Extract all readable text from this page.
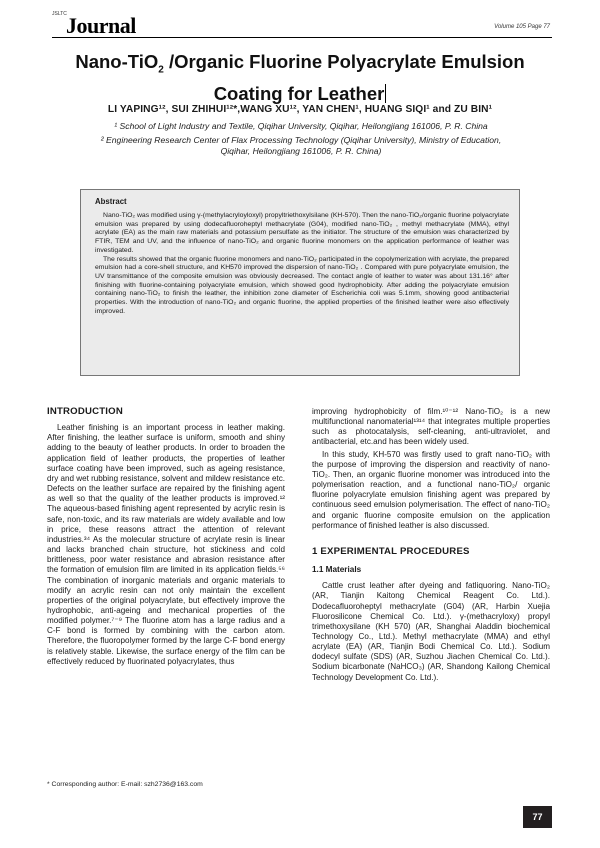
JSLTC Journal	Volume 105 Page 77
Nano-TiO$_2$ /Organic Fluorine Polyacrylate Emulsion
Coating for Leather
LI YAPING¹², SUI ZHIHUI¹²*,WANG XU¹², YAN CHEN¹, HUANG SIQI¹ and ZU BIN¹
¹ School of Light Industry and Textile, Qiqihar University, Qiqihar, Heilongjiang 161006, P. R. China
² Engineering Research Center of Flax Processing Technology (Qiqihar University), Ministry of Education,
Qiqihar, Heilongjiang 161006, P. R. China)
Abstract

Nano-TiO₂ was modified using γ-(methylacryloyloxyl) propyltriethoxylsilane (KH-570). Then the nano-TiO₂/organic fluorine polyacrylate emulsion was prepared by using dodecafluoroheptyl methacrylate (G04), modified nano-TiO₂ , methyl methacrylate (MMA), ethyl acrylate (EA) as the main raw materials and potassium persulfate as the initiator. The structure of the emulsion was characterized by FTIR, TEM and UV, and the influence of nano-TiO₂ and organic fluorine monomers on the application performance of leather was investigated.

The results showed that the organic fluorine monomers and nano-TiO₂ participated in the copolymerization with acrylate, the prepared emulsion had a core-shell structure, and KH570 improved the dispersion of nano-TiO₂ . Compared with pure polyacrylate emulsion, the UV transmittance of the composite emulsion was obviously decreased. The contact angle of leather to water was about 131.16° after finishing with fluorine-containing polyacrylate emulsion, which showed good hydrophobicity. After adding the polyacrylate emulsion containing nano-TiO₂ to finish the leather, the inhibition zone diameter of Escherichia coli was 5.1mm, showing good antibacterial properties. With the introduction of nano-TiO₂ and organic fluorine, the applied properties of the finished leather were also effectively improved.

INTRODUCTION

Leather finishing is an important process in leather making. After finishing, the leather surface is uniform, smooth and shiny adding to the beauty of leather products. In order to broaden the application field of leather products, the properties of leather surface coating have been improved, such as ageing resistance, dry and wet rubbing resistance, solvent and mildew resistance etc. Defects on the leather surface are repaired by the finishing agent as well so that the quality of the leather products is improved.¹² The aqueous-based finishing agent represented by acrylic resin is safe, non-toxic, and its raw materials are widely available and low in price, these reasons attract the attention of relevant industries.³⁴ As the molecular structure of acrylate resin is linear and lacks branched chain structure, hot stickiness and cold brittleness, poor water resistance and abrasion resistance after the formation of emulsion film are limited in its application fields.⁵⁶ The combination of inorganic materials and organic materials to modify an acrylic resin can not only maintain the excellent properties of the original polyacrylate, but effectively improve the hydrophobic, anti-ageing and mechanical properties of the modified polymer.⁷⁻⁹ The fluorine atom has a large radius and a C-F bond is formed by combining with the carbon atom. Therefore, the fluoropolymer formed by the large C-F bond energy is relatively stable. Likewise, the surface energy of the film can be effectively reduced by fluorinated polyacrylates, thus

* Corresponding author: E-mail: szh2736@163.com

improving hydrophobicity of film.¹⁰⁻¹² Nano-TiO₂ is a new multifunctional nanomaterial¹³¹⁴ that integrates multiple properties such as photocatalysis, self-cleaning, anti-ultraviolet, and antibacterial, etc.and has been widely used.

In this study, KH-570 was firstly used to graft nano-TiO₂ with the purpose of improving the dispersion and reactivity of nano-TiO₂. Then, an organic fluorine monomer was introduced into the polymerisation reaction, and a functional nano-TiO₂/ organic fluorine polyacrylate emulsion finishing agent was prepared by continuous seed emulsion polymerisation. The effect of nano-TiO₂ and organic fluorine composite emulsion on the application performance of finished leather is also discussed.

1 EXPERIMENTAL PROCEDURES

1.1 Materials

Cattle crust leather after dyeing and fatliquoring. Nano-TiO₂ (AR, Tianjin Kaitong Chemical Reagent Co. Ltd.). Dodecafluoroheptyl methacrylate (G04) (AR, Harbin Xuejia Fluorosilicone Chemical Co. Ltd.). γ-(methacryloxy) propyl trimethoxysilane (KH 570) (AR, Shanghai Aladdin biochemical Technology Co., Ltd.). Methyl methacrylate (MMA) and ethyl acrylate (EA) (AR, Tianjin Bodi Chemical Co. Ltd.). Sodium dodecyl sulfate (SDS) (AR, Suzhou Jiachen Chemical Co. Ltd.). Sodium bicarbonate (NaHCO₃) (AR, Shandong Kailong Chemical Technology Development Co. Ltd.).

77
